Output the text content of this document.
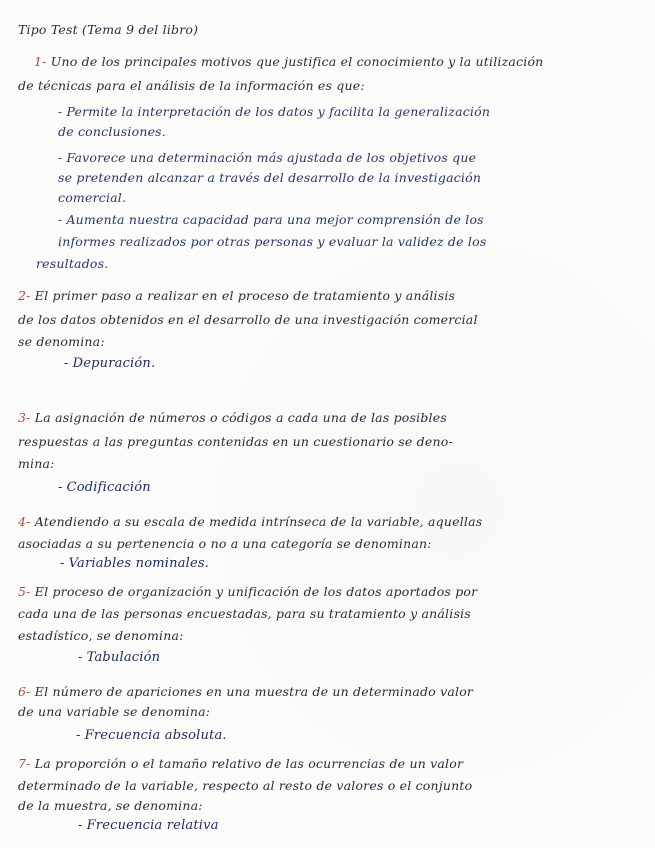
Tipo Test (Tema 9 del libro)
1- Uno de los principales motivos que justifica el conocimiento y la utilización
de técnicas para el análisis de la información es que:
- Permite la interpretación de los datos y facilita la generalización
de conclusiones.
- Favorece una determinación más ajustada de los objetivos que
se pretenden alcanzar a través del desarrollo de la investigación
comercial.
- Aumenta nuestra capacidad para una mejor comprensión de los
informes realizados por otras personas y evaluar la validez de los
resultados.
2- El primer paso a realizar en el proceso de tratamiento y análisis
de los datos obtenidos en el desarrollo de una investigación comercial
se denomina:
- Depuración.
3- La asignación de números o códigos a cada una de las posibles
respuestas a las preguntas contenidas en un cuestionario se deno-
mina:
- Codificación
4- Atendiendo a su escala de medida intrínseca de la variable, aquellas
asociadas a su pertenencia o no a una categoría se denominan:
- Variables nominales.
5- El proceso de organización y unificación de los datos aportados por
cada una de las personas encuestadas, para su tratamiento y análisis
estadístico, se denomina:
- Tabulación
6- El número de apariciones en una muestra de un determinado valor
de una variable se denomina:
- Frecuencia absoluta.
7- La proporción o el tamaño relativo de las ocurrencias de un valor
determinado de la variable, respecto al resto de valores o el conjunto
de la muestra, se denomina:
- Frecuencia relativa
